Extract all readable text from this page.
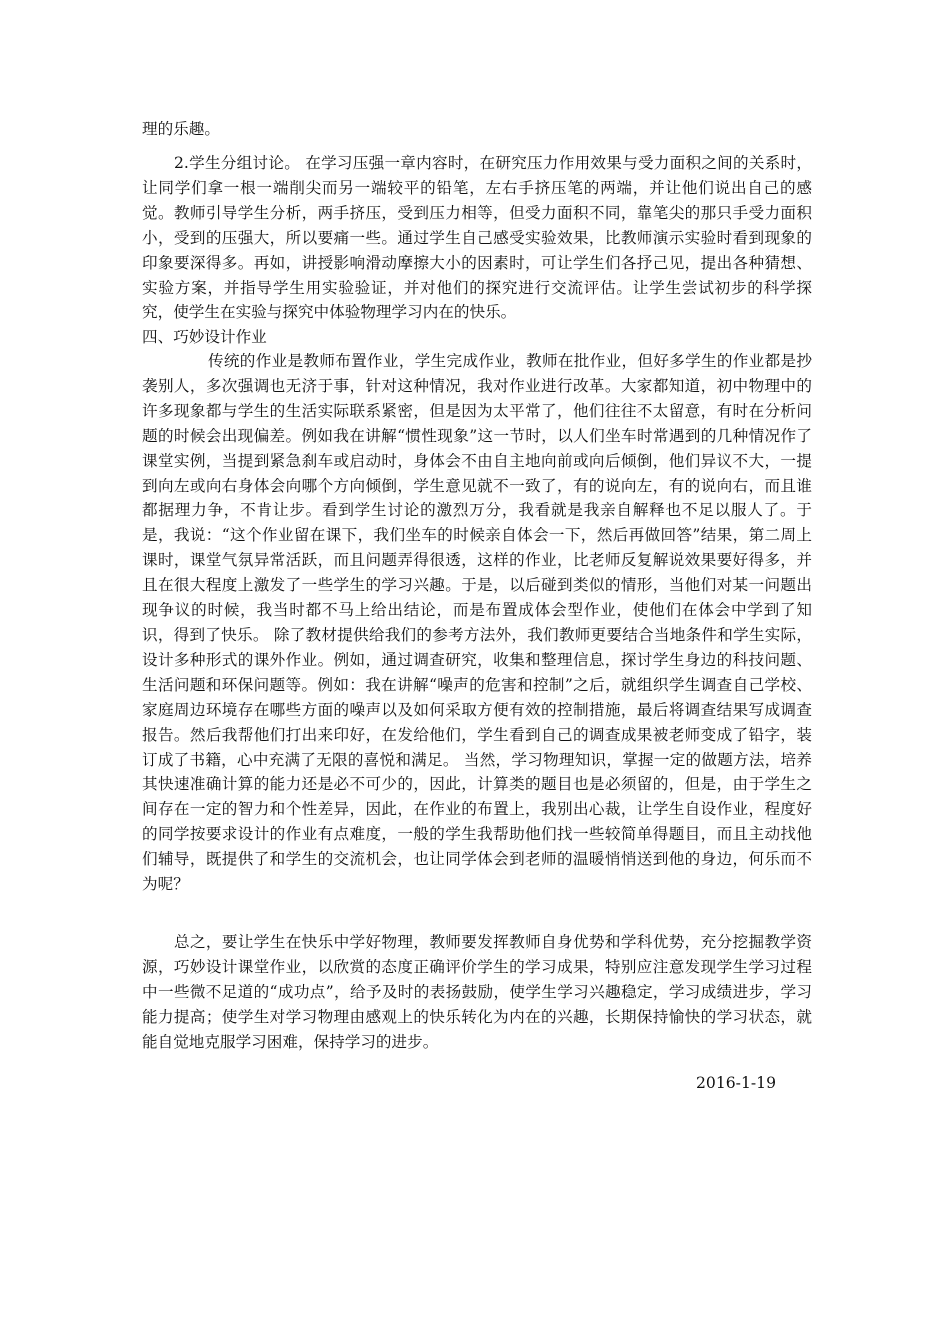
理的乐趣。

2.学生分组讨论。 在学习压强一章内容时，在研究压力作用效果与受力面积之间的关系时，让同学们拿一根一端削尖而另一端较平的铅笔，左右手挤压笔的两端，并让他们说出自己的感觉。教师引导学生分析，两手挤压，受到压力相等，但受力面积不同，靠笔尖的那只手受力面积小，受到的压强大，所以要痛一些。通过学生自己感受实验效果，比教师演示实验时看到现象的印象要深得多。再如，讲授影响滑动摩擦大小的因素时，可让学生们各抒己见，提出各种猜想、实验方案，并指导学生用实验验证，并对他们的探究进行交流评估。让学生尝试初步的科学探究，使学生在实验与探究中体验物理学习内在的快乐。

四、巧妙设计作业

传统的作业是教师布置作业，学生完成作业，教师在批作业，但好多学生的作业都是抄袭别人，多次强调也无济于事，针对这种情况，我对作业进行改革。大家都知道，初中物理中的许多现象都与学生的生活实际联系紧密，但是因为太平常了，他们往往不太留意，有时在分析问题的时候会出现偏差。例如我在讲解“惯性现象”这一节时，以人们坐车时常遇到的几种情况作了课堂实例，当提到紧急刹车或启动时，身体会不由自主地向前或向后倾倒，他们异议不大，一提到向左或向右身体会向哪个方向倾倒，学生意见就不一致了，有的说向左，有的说向右，而且谁都据理力争，不肯让步。看到学生讨论的激烈万分，我看就是我亲自解释也不足以服人了。于是，我说：“这个作业留在课下，我们坐车的时候亲自体会一下，然后再做回答”结果，第二周上课时，课堂气氛异常活跃，而且问题弄得很透，这样的作业，比老师反复解说效果要好得多，并且在很大程度上激发了一些学生的学习兴趣。于是，以后碰到类似的情形，当他们对某一问题出现争议的时候，我当时都不马上给出结论，而是布置成体会型作业，使他们在体会中学到了知识，得到了快乐。 除了教材提供给我们的参考方法外，我们教师更要结合当地条件和学生实际，设计多种形式的课外作业。例如，通过调查研究，收集和整理信息，探讨学生身边的科技问题、生活问题和环保问题等。例如：我在讲解“噪声的危害和控制”之后，就组织学生调查自己学校、家庭周边环境存在哪些方面的噪声以及如何采取方便有效的控制措施，最后将调查结果写成调查报告。然后我帮他们打出来印好，在发给他们，学生看到自己的调查成果被老师变成了铅字，装订成了书籍，心中充满了无限的喜悦和满足。 当然，学习物理知识，掌握一定的做题方法，培养其快速准确计算的能力还是必不可少的，因此，计算类的题目也是必须留的，但是，由于学生之间存在一定的智力和个性差异，因此，在作业的布置上，我别出心裁，让学生自设作业，程度好的同学按要求设计的作业有点难度，一般的学生我帮助他们找一些较简单得题目，而且主动找他们辅导，既提供了和学生的交流机会，也让同学体会到老师的温暖悄悄送到他的身边，何乐而不为呢？

总之，要让学生在快乐中学好物理，教师要发挥教师自身优势和学科优势，充分挖掘教学资源，巧妙设计课堂作业，以欣赏的态度正确评价学生的学习成果，特别应注意发现学生学习过程中一些微不足道的“成功点”，给予及时的表扬鼓励，使学生学习兴趣稳定，学习成绩进步，学习能力提高；使学生对学习物理由感观上的快乐转化为内在的兴趣，长期保持愉快的学习状态，就能自觉地克服学习困难，保持学习的进步。

2016-1-19
